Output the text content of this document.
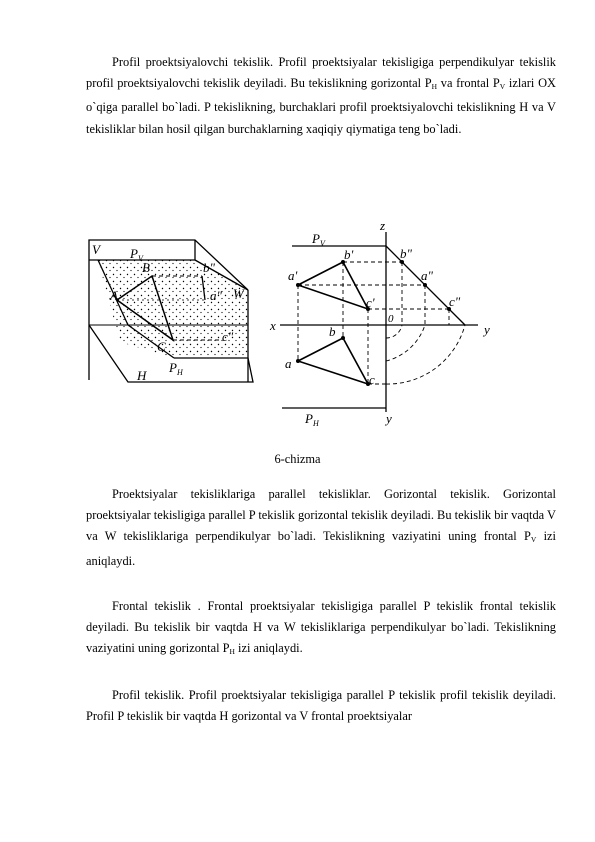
Profil proektsiyalovchi tekislik. Profil proektsiyalar tekisligiga perpendikulyar tekislik profil proektsiyalovchi tekislik deyiladi. Bu tekislikning gorizontal $P_H$ va frontal $P_V$ izlari OX o`qiga parallel bo`ladi. P tekislikning, burchaklari profil proektsiyalovchi tekislikning H va V tekisliklar bilan hosil qilgan burchaklarning xaqiqiy qiymatiga teng bo`ladi.

V $P_V$
B	b"
A	a" W
C
c"
H
$P_H$
z
$P_V$
b'	b"
a'	a"
c'	c"
x	0
y
b
a
c
$P_H$	y
6-chizma

Proektsiyalar tekisliklariga parallel tekisliklar. Gorizontal tekislik. Gorizontal proektsiyalar tekisligiga parallel P tekislik gorizontal tekislik deyiladi. Bu tekislik bir vaqtda V va W tekisliklariga perpendikulyar bo`ladi. Tekislikning vaziyatini uning frontal $P_V$ izi aniqlaydi.

Frontal tekislik . Frontal proektsiyalar tekisligiga parallel P tekislik frontal tekislik deyiladi. Bu tekislik bir vaqtda H va W tekisliklariga perpendikulyar bo`ladi. Tekislikning vaziyatini uning gorizontal $P_H$ izi aniqlaydi.

Profil tekislik. Profil proektsiyalar tekisligiga parallel P tekislik profil tekislik deyiladi. Profil P tekislik bir vaqtda H gorizontal va V frontal proektsiyalar
